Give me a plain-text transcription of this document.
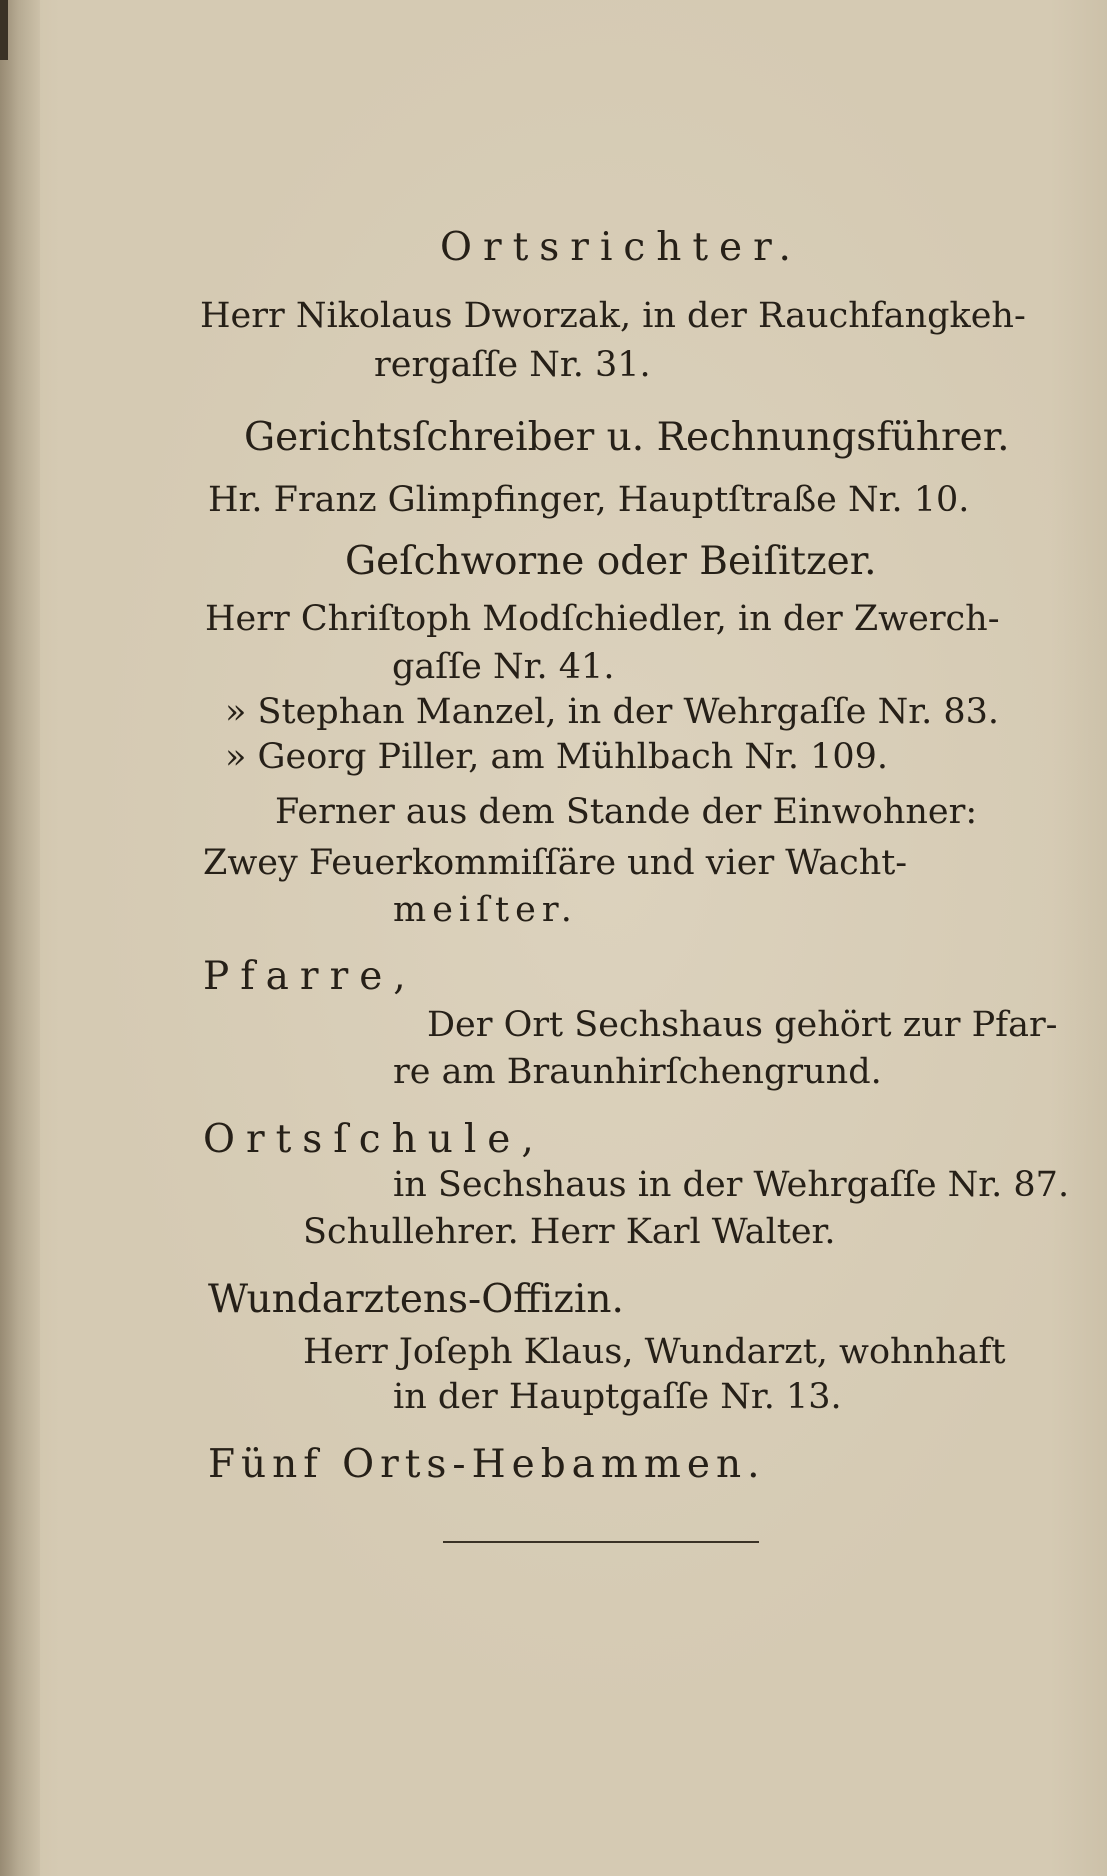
Ortsrichter.
Herr Nikolaus Dworzak, in der Rauchfangkeh-
rergaſſe Nr. 31.
Gerichtsſchreiber u. Rechnungsführer.
Hr. Franz Glimpfinger, Hauptſtraße Nr. 10.
Geſchworne oder Beiſitzer.
Herr Chriſtoph Modſchiedler, in der Zwerch-
gaſſe Nr. 41.
» Stephan Manzel, in der Wehrgaſſe Nr. 83.
» Georg Piller, am Mühlbach Nr. 109.
Ferner aus dem Stande der Einwohner:
Zwey Feuerkommiſſäre und vier Wacht-
meiſter.
Pfarre,
Der Ort Sechshaus gehört zur Pfar-
re am Braunhirſchengrund.
Ortsſchule,
in Sechshaus in der Wehrgaſſe Nr. 87.
Schullehrer. Herr Karl Walter.
Wundarztens-Offizin.
Herr Joſeph Klaus, Wundarzt, wohnhaft
in der Hauptgaſſe Nr. 13.
Fünf Orts-Hebammen.
